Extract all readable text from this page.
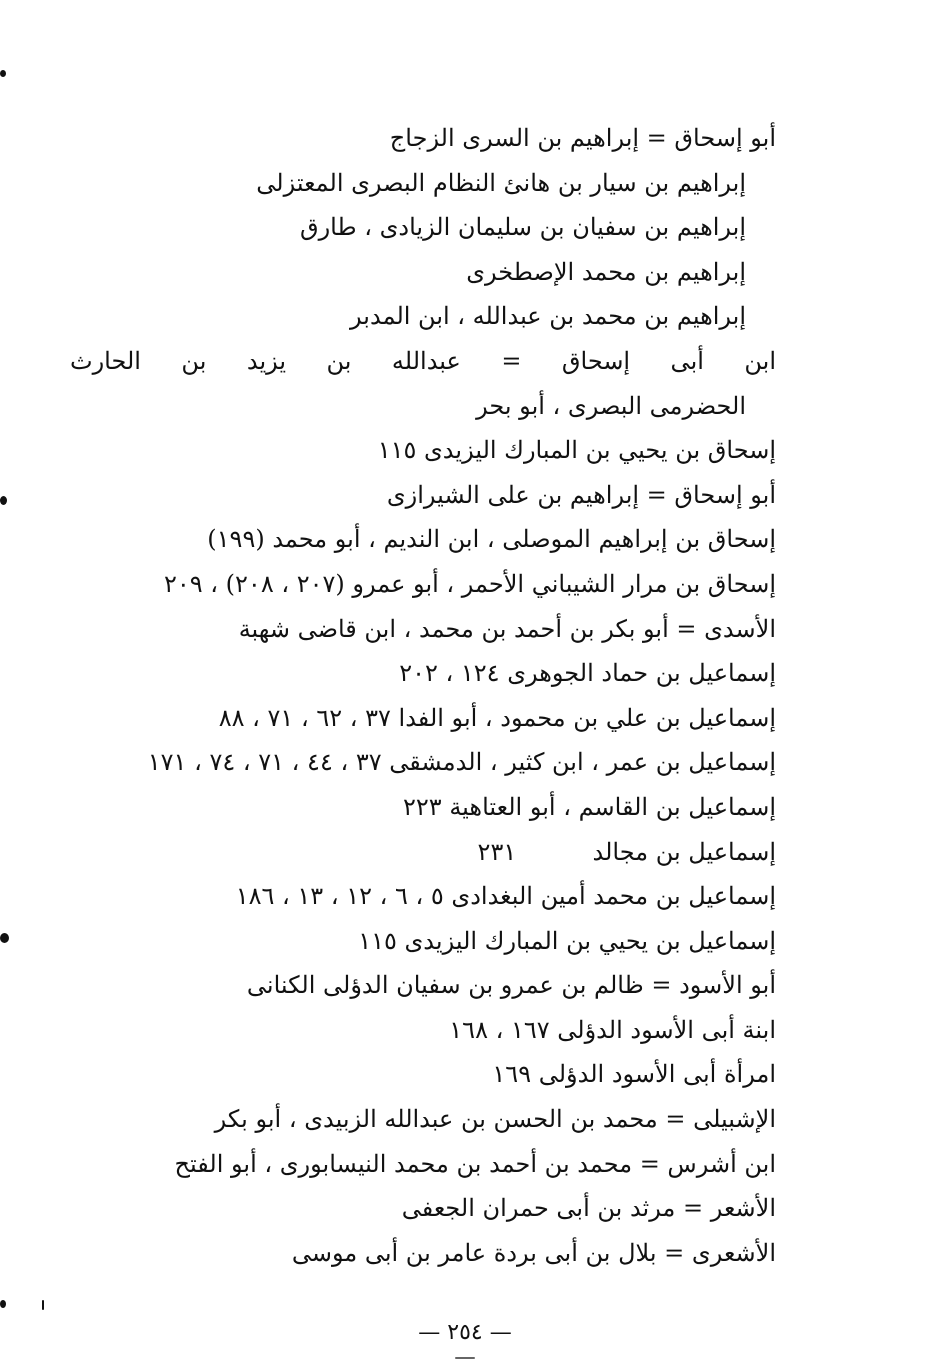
أبو إسحاق = إبراهيم بن السرى الزجاج
إبراهيم بن سيار بن هانئ النظام البصرى المعتزلى
إبراهيم بن سفيان بن سليمان الزيادى ، طارق
إبراهيم بن محمد الإصطخرى
إبراهيم بن محمد بن عبدالله ، ابن المدبر
ابن أبى إسحاق = عبدالله بن يزيد بن الحارث
الحضرمى البصرى ، أبو بحر
إسحاق بن يحيي بن المبارك اليزيدى ١١٥
أبو إسحاق = إبراهيم بن على الشيرازى
إسحاق بن إبراهيم الموصلى ، ابن النديم ، أبو محمد (١٩٩)
إسحاق بن مرار الشيباني الأحمر ، أبو عمرو (٢٠٧ ، ٢٠٨) ، ٢٠٩
الأسدى = أبو بكر بن أحمد بن محمد ، ابن قاضى شهبة
إسماعيل بن حماد الجوهرى ١٢٤ ، ٢٠٢
إسماعيل بن علي بن محمود ، أبو الفدا ٣٧ ، ٦٢ ، ٧١ ، ٨٨
إسماعيل بن عمر ، ابن كثير ، الدمشقى ٣٧ ، ٤٤ ، ٧١ ، ٧٤ ، ١٧١
إسماعيل بن القاسم ، أبو العتاهية ٢٢٣
إسماعيل بن مجالد          ٢٣١
إسماعيل بن محمد أمين البغدادى ٥ ، ٦ ، ١٢ ، ١٣ ، ١٨٦
إسماعيل بن يحيي بن المبارك اليزيدى ١١٥
أبو الأسود = ظالم بن عمرو بن سفيان الدؤلى الكنانى
ابنة أبى الأسود الدؤلى ١٦٧ ، ١٦٨
امرأة أبى الأسود الدؤلى ١٦٩
الإشبيلى = محمد بن الحسن بن عبدالله الزبيدى ، أبو بكر
ابن أشرس = محمد بن أحمد بن محمد النيسابورى ، أبو الفتح
الأشعر = مرثد بن أبى حمران الجعفى
الأشعرى = بلال بن أبى بردة عامر بن أبى موسى
— ٢٥٤ —
